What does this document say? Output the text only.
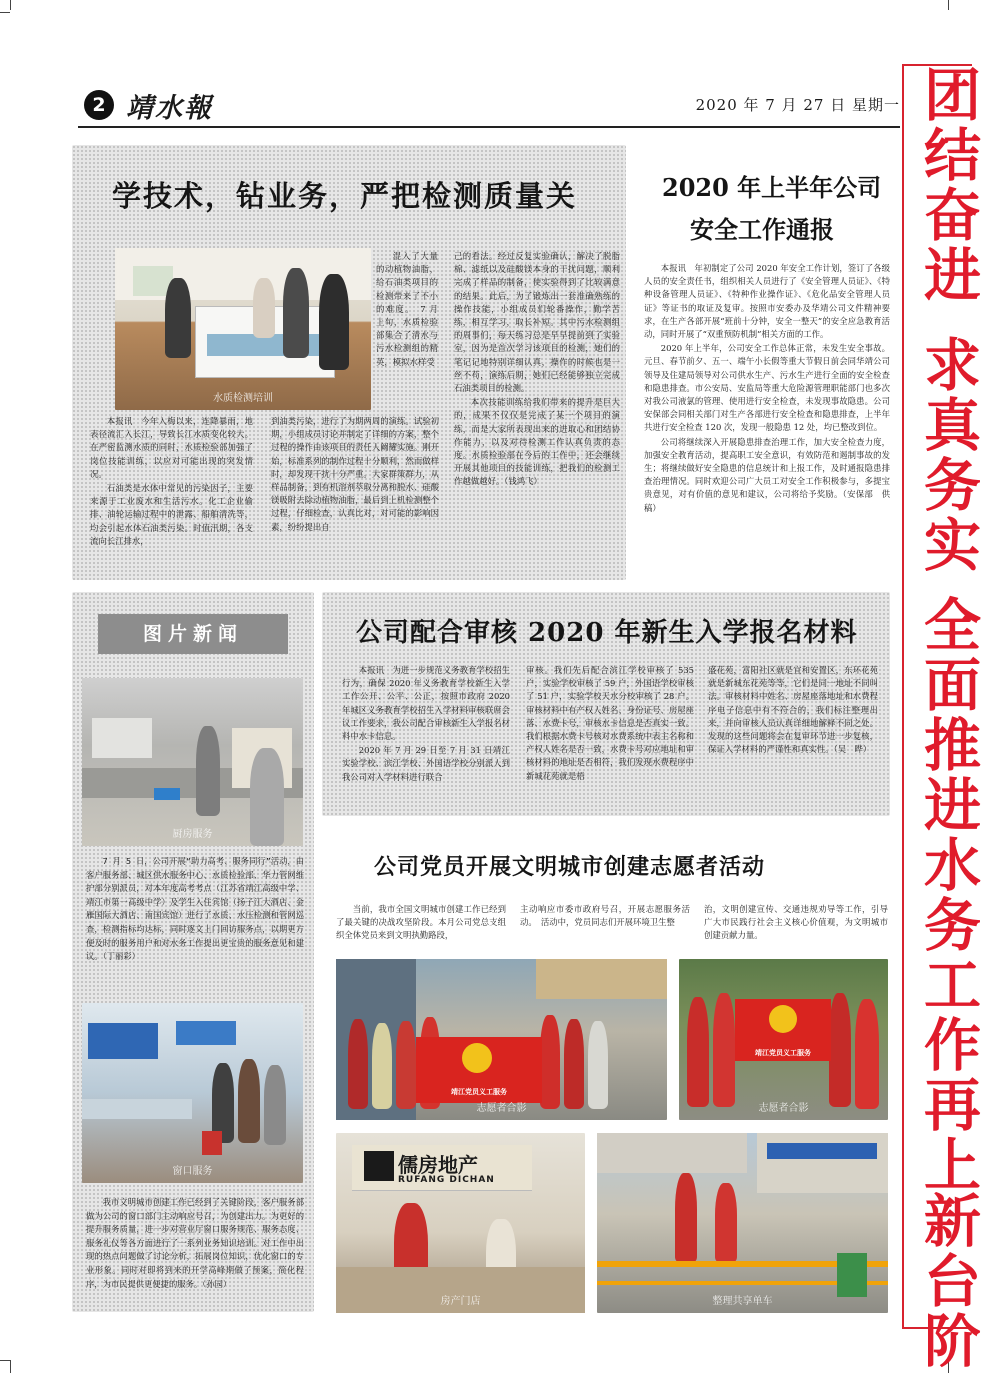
2 靖水報	2020 年 7 月 27 日 星期一 团
结
奋
进
求
真
务
实
全
面
推
进
水
务
工
作
再
上
新
台
阶
学技术，钻业务，严把检测质量关
水质检测培训

混入了大量的动植物油脂，给石油类项目的检测带来了不小的难度。　7 月上旬，水质检验部集合了清水与污水检测组的精英，模拟水样受

本报讯　今年入梅以来，连降暴雨，地表径流汇入长江，导致长江水质变化较大。在严密监测水质的同时，水质检验部加强了岗位技能训练，以应对可能出现的突发情况。

石油类是水体中常见的污染因子，主要来源于工业废水和生活污水。化工企业偷排、油轮运输过程中的泄露、船舶清洗等，均会引起水体石油类污染。时值汛期，各支流向长江排水，

到油类污染，进行了为期两周的演练。试验初期，小组成员讨论并制定了详细的方案，整个过程的操作由该项目的责任人阚耀实施。刚开始，标准系列的制作过程十分顺利，然而做样时，却发现干扰十分严重。大家群策群力，从样品制备，到有机溶剂萃取分离和脱水、硅酸镁吸附去除动植物油脂，最后到上机检测整个过程，仔细检查，认真比对，对可能的影响因素，纷纷提出自

己的看法。经过反复实验确认，解决了脱脂棉、滤纸以及硅酸镁本身的干扰问题，顺利完成了样品的制备，使实验得到了比较满意的结果。此后，为了锻炼出一套准确熟练的操作技能，小组成员们轮番操作，勤学苦练，相互学习，取长补短。其中污水检测组的周事们，每天练习总是早早提前到了实验室，因为是首次学习该项目的检测，她们的笔记记地特别详细认真，操作的时候也是一丝不苟，演练后期，她们已经能够独立完成石油类项目的检测。

本次技能训练给我们带来的提升是巨大的，成果不仅仅是完成了某一个项目的演练，而是大家所表现出来的进取心和团结协作能力，以及对待检测工作认真负责的态度。水质检验部在今后的工作中，还会继续开展其他项目的技能训练，把我们的检测工作越做越好。（钱鸿飞）

2020 年上半年公司
安全工作通报

本报讯　年初制定了公司 2020 年安全工作计划，签订了各级人员的安全责任书，组织相关人员进行了《安全管理人员证》、《特种设备管理人员证》、《特种作业操作证》、《危化品安全管理人员证》等证书的取证及复审。按照市安委办及华靖公司文件精神要求，在生产各部开展“班前十分钟，安全一整天”的安全应急教育活动，同时开展了“双重预防机制”相关方面的工作。

2020 年上半年，公司安全工作总体正常，未发生安全事故。元旦、春节前夕、五一、端午小长假等重大节假日前会同华靖公司领导及住建局领导对公司供水生产、污水生产进行全面的安全检查和隐患排查。市公安局、安监局等重大危险源管理职能部门也多次对我公司液氯的管理、使用进行安全检查，未发现事故隐患。公司安保部会同相关部门对生产各部进行安全检查和隐患排查，上半年共进行安全检查 120 次，发现一般隐患 12 处，均已整改到位。

公司将继续深入开展隐患排查治理工作，加大安全检查力度，加强安全教育活动，提高职工安全意识，有效防范和遏制事故的发生；将继续做好安全隐患的信息统计和上报工作，及时通报隐患排查治理情况。同时欢迎公司广大员工对安全工作积极参与，多提宝贵意见，对有价值的意见和建议，公司将给予奖励。（安保部　供　稿）

图片新闻
厨房服务

7 月 5 日，公司开展“助力高考、服务同行”活动，由客户服务部、城区供水服务中心、水质检验部、华力管网维护部分别派员，对本年度高考考点（江苏省靖江高级中学、靖江市第一高级中学）及学生入住宾馆（扬子江大酒店、金雁国际大酒店、南国宾馆）进行了水质、水压检测和管网巡查，检测指标均达标，同时逐文上门回访服务点，以期更方便及时的服务用户和对水务工作提出更宝贵的服务意见和建议。（丁丽彩）

窗口服务

我市文明城市创建工作已经到了关键阶段，客户服务部做为公司的窗口部门主动响应号召，为创建出力。为更好的提升服务质量，进一步对营业厅窗口服务规范、服务态度、服务礼仪等各方面进行了一系列业务知识培训。对工作中出现的热点问题做了讨论分析，拓展岗位知识，优化窗口的专业形象。同时对即将到来的开学高峰期做了预案，简化程序，为市民提供更便捷的服务。（孙园）

公司配合审核 2020 年新生入学报名材料

本报讯　为进一步规范义务教育学校招生行为，确保 2020 年义务教育学校新生入学工作公开、公平、公正，按照市政府 2020 年城区义务教育学校招生入学材料审核联席会议工作要求，我公司配合审核新生入学报名材料中水卡信息。

2020 年 7 月 29 日至 7 月 31 日靖江实验学校、滨江学校、外国语学校分别派人到我公司对入学材料进行联合

审核。我们先后配合滨江学校审核了 535 户，实验学校审核了 59 户，外国语学校审核了 51 户，实验学校天水分校审核了 28 户。审核材料中有产权人姓名、身份证号、房屋座落、水费卡号，审核水卡信息是否真实一致。我们根据水费卡号核对水费系统中表主名称和产权人姓名是否一致，水费卡号对应地址和审核材料的地址是否相符，我们发现水费程序中新城花苑就是梧

盛花苑，富阳社区就是宜和安置区，东环花苑就是新城东花苑等等，它们是同一地址不同叫法。审核材料中姓名、房屋座落地址和水费程序电子信息中有不符合的，我们标注整理出来，并向审核人员认真详细地解释不同之处。发现的这些问题将会在复审环节进一步复核，保证入学材料的严谨性和真实性。（吴　晔）

公司党员开展文明城市创建志愿者活动

当前，我市全国文明城市创建工作已经到了最关键的决战攻坚阶段。本月公司党总支组织全体党员来到文明执勤路段，

主动响应市委市政府号召，开展志愿服务活动。　活动中，党员同志们开展环境卫生整

治，文明创建宣传、交通违规劝导等工作，引导广大市民践行社会主义核心价值观，为文明城市创建贡献力量。

靖江党员义工服务
志愿者合影
靖江党员义工服务
志愿者合影
儒房地产
RUFANG DICHAN
房产门店	整理共享单车
